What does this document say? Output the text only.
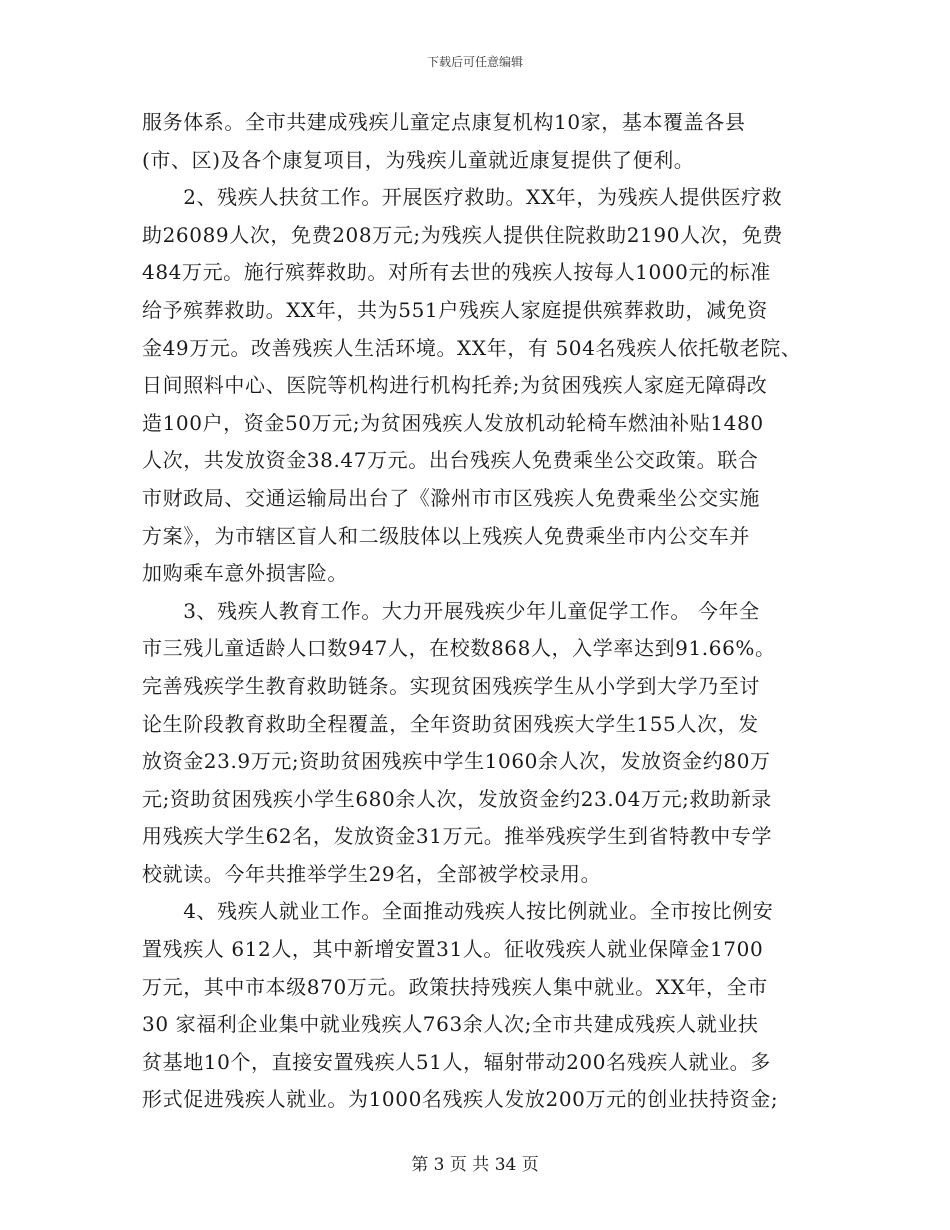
下载后可任意编辑
服务体系。全市共建成残疾儿童定点康复机构10家，基本覆盖各县
(市、区)及各个康复项目，为残疾儿童就近康复提供了便利。
　　2、残疾人扶贫工作。开展医疗救助。XX年，为残疾人提供医疗救
助26089人次，免费208万元;为残疾人提供住院救助2190人次，免费
484万元。施行殡葬救助。对所有去世的残疾人按每人1000元的标准
给予殡葬救助。XX年，共为551户残疾人家庭提供殡葬救助，减免资
金49万元。改善残疾人生活环境。XX年，有 504名残疾人依托敬老院、
日间照料中心、医院等机构进行机构托养;为贫困残疾人家庭无障碍改
造100户，资金50万元;为贫困残疾人发放机动轮椅车燃油补贴1480
人次，共发放资金38.47万元。出台残疾人免费乘坐公交政策。联合
市财政局、交通运输局出台了《滁州市市区残疾人免费乘坐公交实施
方案》，为市辖区盲人和二级肢体以上残疾人免费乘坐市内公交车并
加购乘车意外损害险。
　　3、残疾人教育工作。大力开展残疾少年儿童促学工作。 今年全
市三残儿童适龄人口数947人，在校数868人，入学率达到91.66%。
完善残疾学生教育救助链条。实现贫困残疾学生从小学到大学乃至讨
论生阶段教育救助全程覆盖，全年资助贫困残疾大学生155人次，发
放资金23.9万元;资助贫困残疾中学生1060余人次，发放资金约80万
元;资助贫困残疾小学生680余人次，发放资金约23.04万元;救助新录
用残疾大学生62名，发放资金31万元。推举残疾学生到省特教中专学
校就读。今年共推举学生29名，全部被学校录用。
　　4、残疾人就业工作。全面推动残疾人按比例就业。全市按比例安
置残疾人 612人，其中新增安置31人。征收残疾人就业保障金1700
万元，其中市本级870万元。政策扶持残疾人集中就业。XX年，全市
30 家福利企业集中就业残疾人763余人次;全市共建成残疾人就业扶
贫基地10个，直接安置残疾人51人，辐射带动200名残疾人就业。多
形式促进残疾人就业。为1000名残疾人发放200万元的创业扶持资金;
第 3 页 共 34 页
